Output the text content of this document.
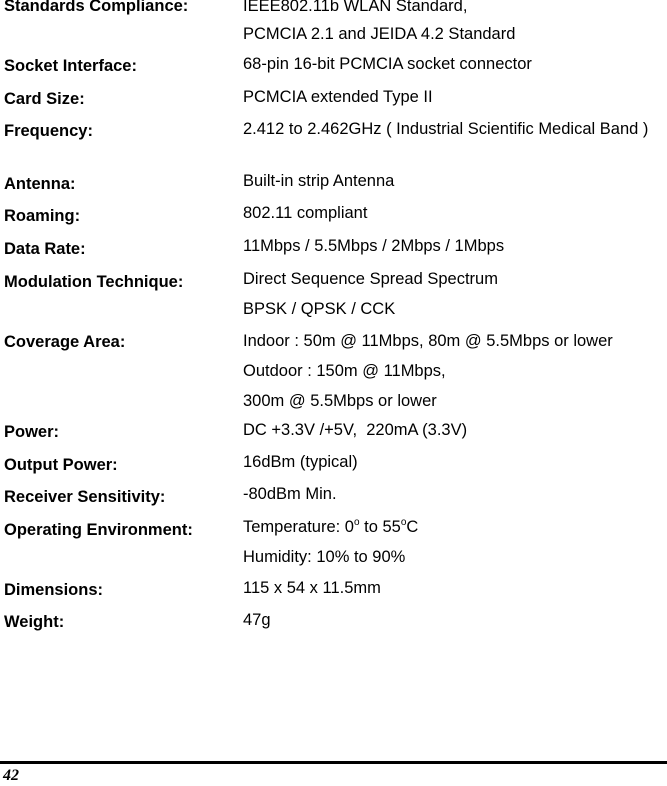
Standards Compliance:	IEEE802.11b WLAN Standard,
PCMCIA 2.1 and JEIDA 4.2 Standard
Socket Interface:	68-pin 16-bit PCMCIA socket connector
Card Size:	PCMCIA extended Type II
Frequency:	2.412 to 2.462GHz ( Industrial Scientific Medical Band )
Antenna:	Built-in strip Antenna
Roaming:	802.11 compliant
Data Rate:	11Mbps / 5.5Mbps / 2Mbps / 1Mbps
Modulation Technique:	Direct Sequence Spread Spectrum
BPSK / QPSK / CCK
Coverage Area:	Indoor : 50m @ 11Mbps, 80m @ 5.5Mbps or lower
Outdoor : 150m @ 11Mbps,
300m @ 5.5Mbps or lower
Power:	DC +3.3V /+5V,  220mA (3.3V)
Output Power:	16dBm (typical)
Receiver Sensitivity:	-80dBm Min.
Operating Environment:	Temperature: 0$^o$ to 55$^o$C
Humidity: 10% to 90%
Dimensions:	115 x 54 x 11.5mm
Weight:	47g
42
